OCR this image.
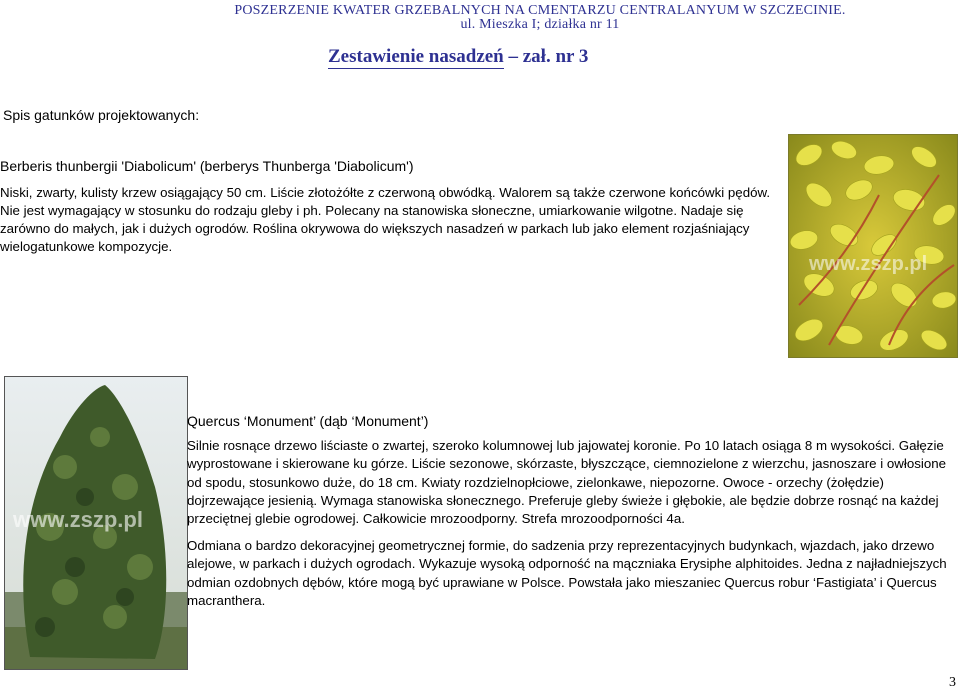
POSZERZENIE KWATER GRZEBALNYCH NA CMENTARZU CENTRALANYUM W SZCZECINIE.
ul. Mieszka I; działka nr 11
Zestawienie nasadzeń – zał. nr 3
Spis gatunków projektowanych:
Berberis thunbergii 'Diabolicum' (berberys Thunberga 'Diabolicum')
Niski, zwarty, kulisty krzew osiągający 50 cm. Liście złotożółte z czerwoną obwódką. Walorem są także czerwone końcówki pędów. Nie jest wymagający w stosunku do rodzaju gleby i ph. Polecany na stanowiska słoneczne, umiarkowanie wilgotne. Nadaje się zarówno do małych, jak i dużych ogrodów. Roślina okrywowa do większych nasadzeń w parkach lub jako element rozjaśniający wielogatunkowe kompozycje.
www.zszp.pl
www.zszp.pl
Quercus ‘Monument’ (dąb ‘Monument’)
Silnie rosnące drzewo liściaste o zwartej, szeroko kolumnowej lub jajowatej koronie. Po 10 latach osiąga 8 m wysokości. Gałęzie wyprostowane i skierowane ku górze. Liście sezonowe, skórzaste, błyszczące, ciemnozielone z wierzchu, jasnoszare i owłosione od spodu, stosunkowo duże, do 18 cm. Kwiaty rozdzielnopłciowe, zielonkawe, niepozorne. Owoce - orzechy (żołędzie) dojrzewające jesienią. Wymaga stanowiska słonecznego. Preferuje gleby świeże i głębokie, ale będzie dobrze rosnąć na każdej przeciętnej glebie ogrodowej. Całkowicie mrozoodporny. Strefa mrozoodporności 4a.
Odmiana o bardzo dekoracyjnej geometrycznej formie, do sadzenia przy reprezentacyjnych budynkach, wjazdach, jako drzewo alejowe, w parkach i dużych ogrodach. Wykazuje wysoką odporność na mączniaka Erysiphe alphitoides. Jedna z najładniejszych odmian ozdobnych dębów, które mogą być uprawiane w Polsce. Powstała jako mieszaniec Quercus robur ‘Fastigiata’ i Quercus macranthera.
3
